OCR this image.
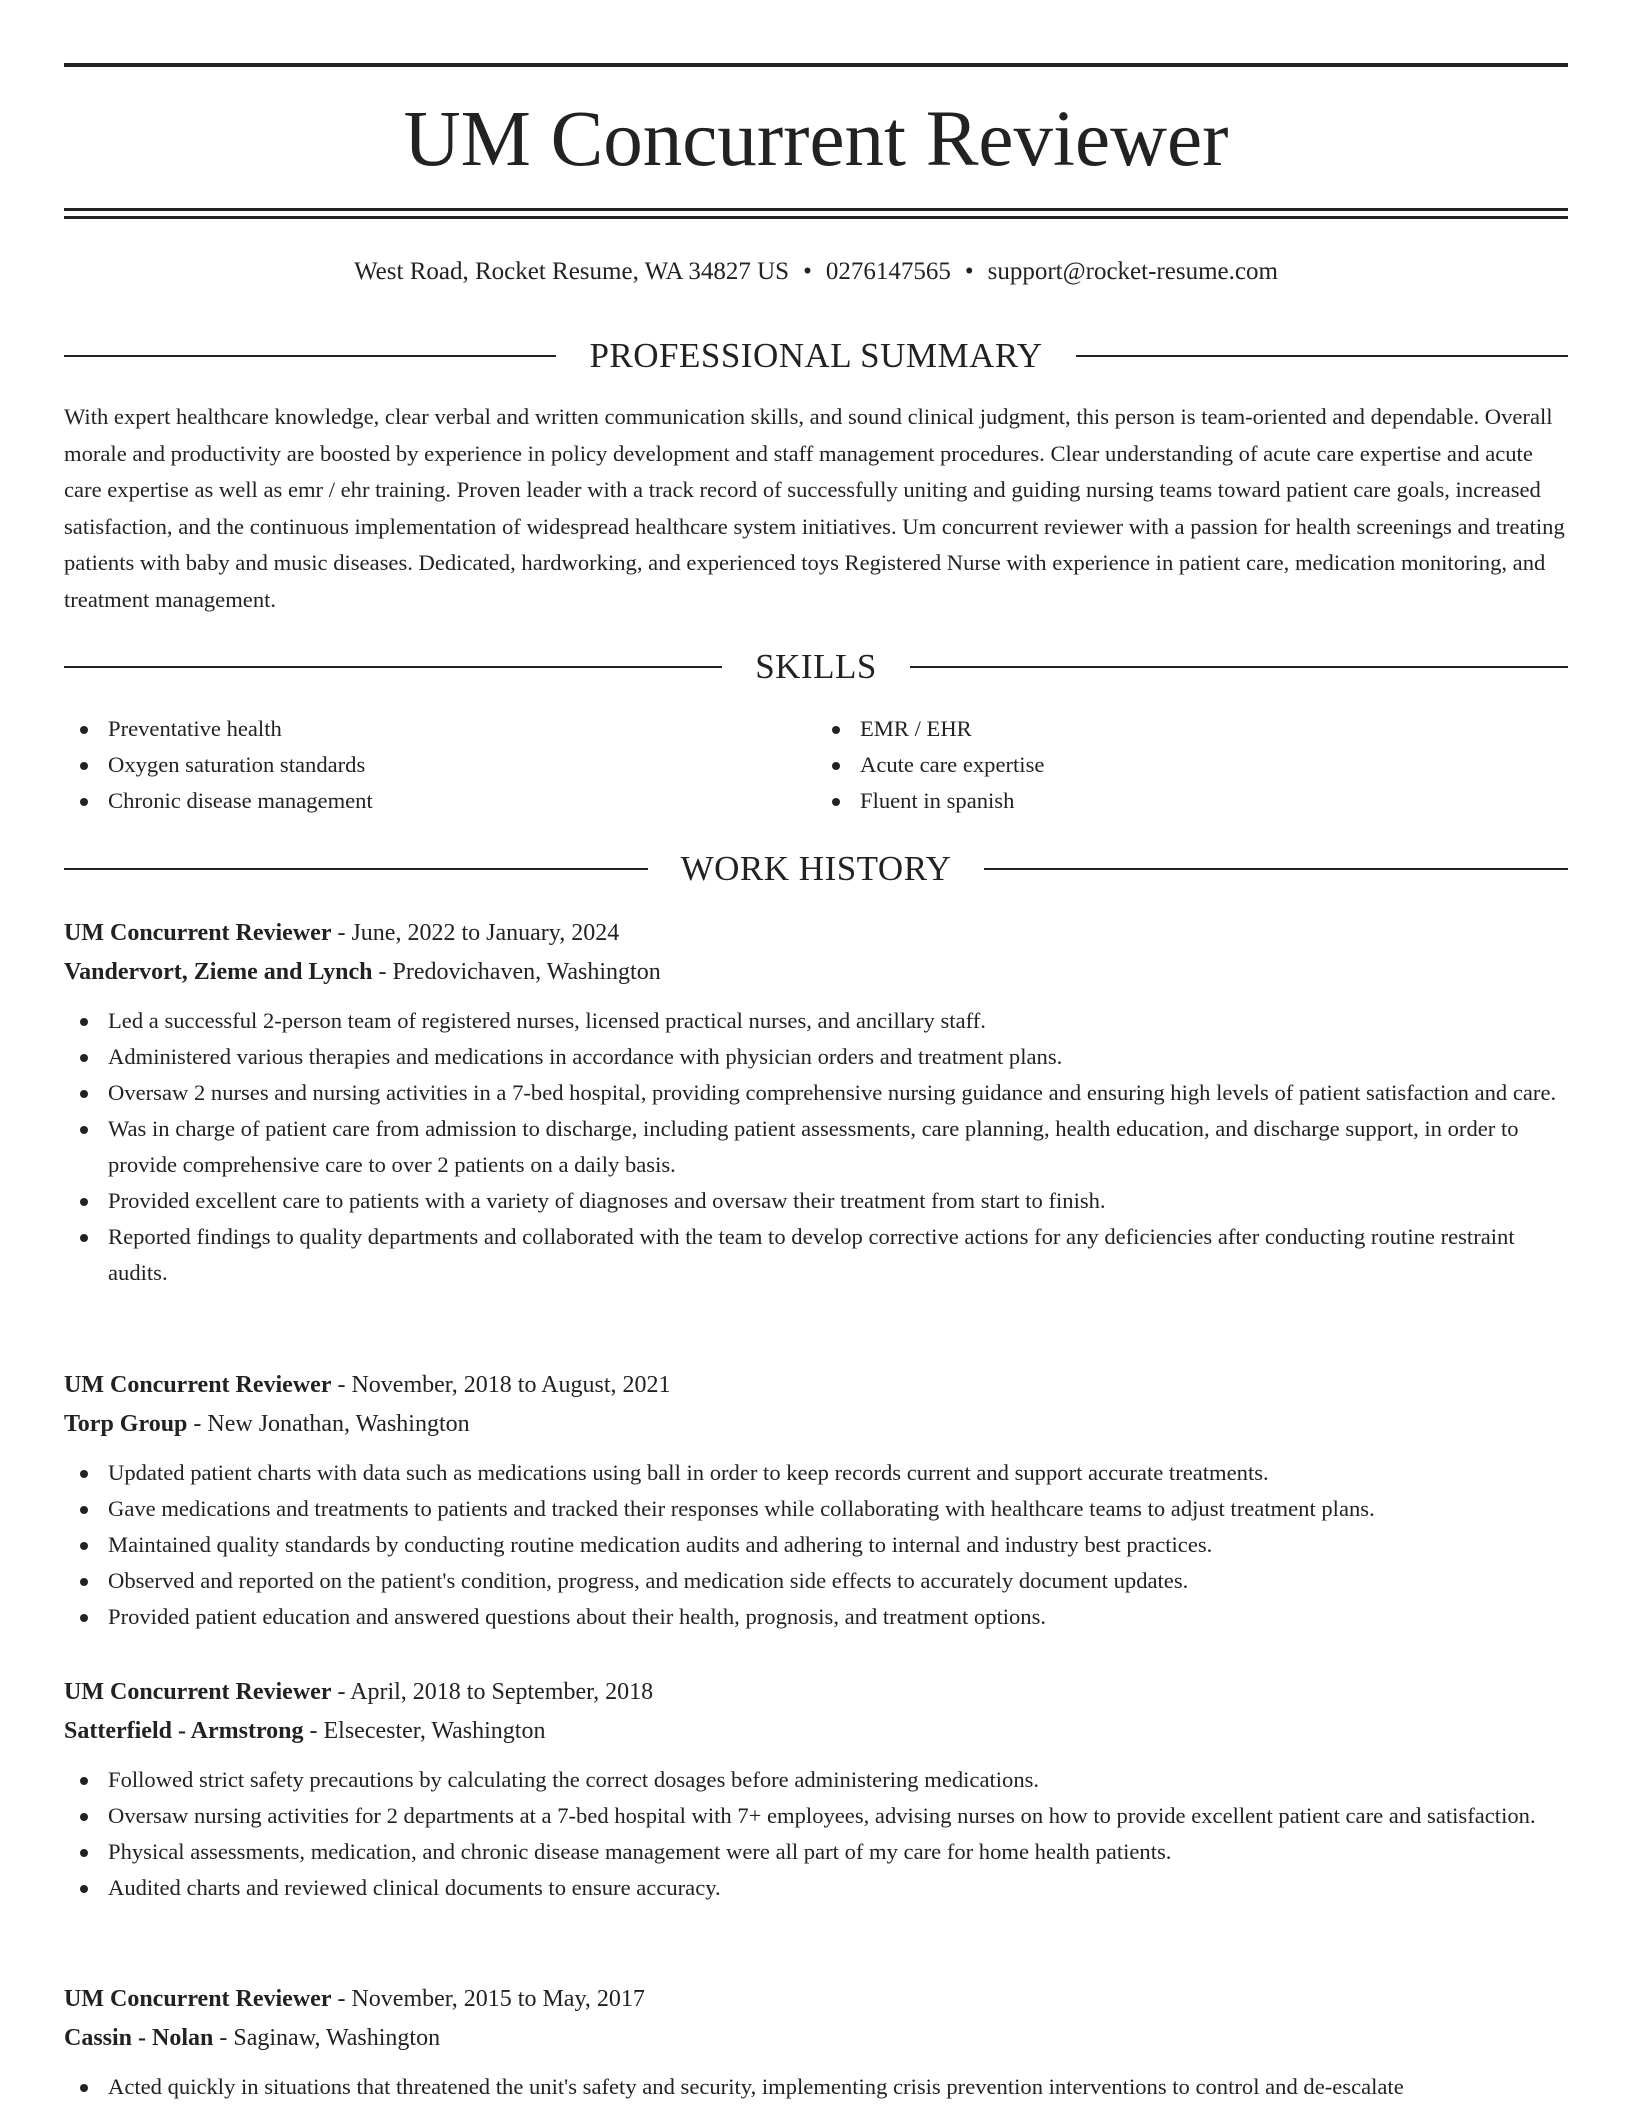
UM Concurrent Reviewer
West Road, Rocket Resume, WA 34827 US • 0276147565 • support@rocket-resume.com
PROFESSIONAL SUMMARY

With expert healthcare knowledge, clear verbal and written communication skills, and sound clinical judgment, this person is team-oriented and dependable. Overall morale and productivity are boosted by experience in policy development and staff management procedures. Clear understanding of acute care expertise and acute care expertise as well as emr / ehr training. Proven leader with a track record of successfully uniting and guiding nursing teams toward patient care goals, increased satisfaction, and the continuous implementation of widespread healthcare system initiatives. Um concurrent reviewer with a passion for health screenings and treating patients with baby and music diseases. Dedicated, hardworking, and experienced toys Registered Nurse with experience in patient care, medication monitoring, and treatment management.

SKILLS
Preventative health
Oxygen saturation standards
Chronic disease management
EMR / EHR
Acute care expertise
Fluent in spanish
WORK HISTORY
UM Concurrent Reviewer - June, 2022 to January, 2024
Vandervort, Zieme and Lynch - Predovichaven, Washington
Led a successful 2-person team of registered nurses, licensed practical nurses, and ancillary staff.
Administered various therapies and medications in accordance with physician orders and treatment plans.
Oversaw 2 nurses and nursing activities in a 7-bed hospital, providing comprehensive nursing guidance and ensuring high levels of patient satisfaction and care.
Was in charge of patient care from admission to discharge, including patient assessments, care planning, health education, and discharge support, in order to provide comprehensive care to over 2 patients on a daily basis.
Provided excellent care to patients with a variety of diagnoses and oversaw their treatment from start to finish.
Reported findings to quality departments and collaborated with the team to develop corrective actions for any deficiencies after conducting routine restraint audits.
UM Concurrent Reviewer - November, 2018 to August, 2021
Torp Group - New Jonathan, Washington
Updated patient charts with data such as medications using ball in order to keep records current and support accurate treatments.
Gave medications and treatments to patients and tracked their responses while collaborating with healthcare teams to adjust treatment plans.
Maintained quality standards by conducting routine medication audits and adhering to internal and industry best practices.
Observed and reported on the patient's condition, progress, and medication side effects to accurately document updates.
Provided patient education and answered questions about their health, prognosis, and treatment options.
UM Concurrent Reviewer - April, 2018 to September, 2018
Satterfield - Armstrong - Elsecester, Washington
Followed strict safety precautions by calculating the correct dosages before administering medications.
Oversaw nursing activities for 2 departments at a 7-bed hospital with 7+ employees, advising nurses on how to provide excellent patient care and satisfaction.
Physical assessments, medication, and chronic disease management were all part of my care for home health patients.
Audited charts and reviewed clinical documents to ensure accuracy.
UM Concurrent Reviewer - November, 2015 to May, 2017
Cassin - Nolan - Saginaw, Washington
Acted quickly in situations that threatened the unit's safety and security, implementing crisis prevention interventions to control and de-escalate
